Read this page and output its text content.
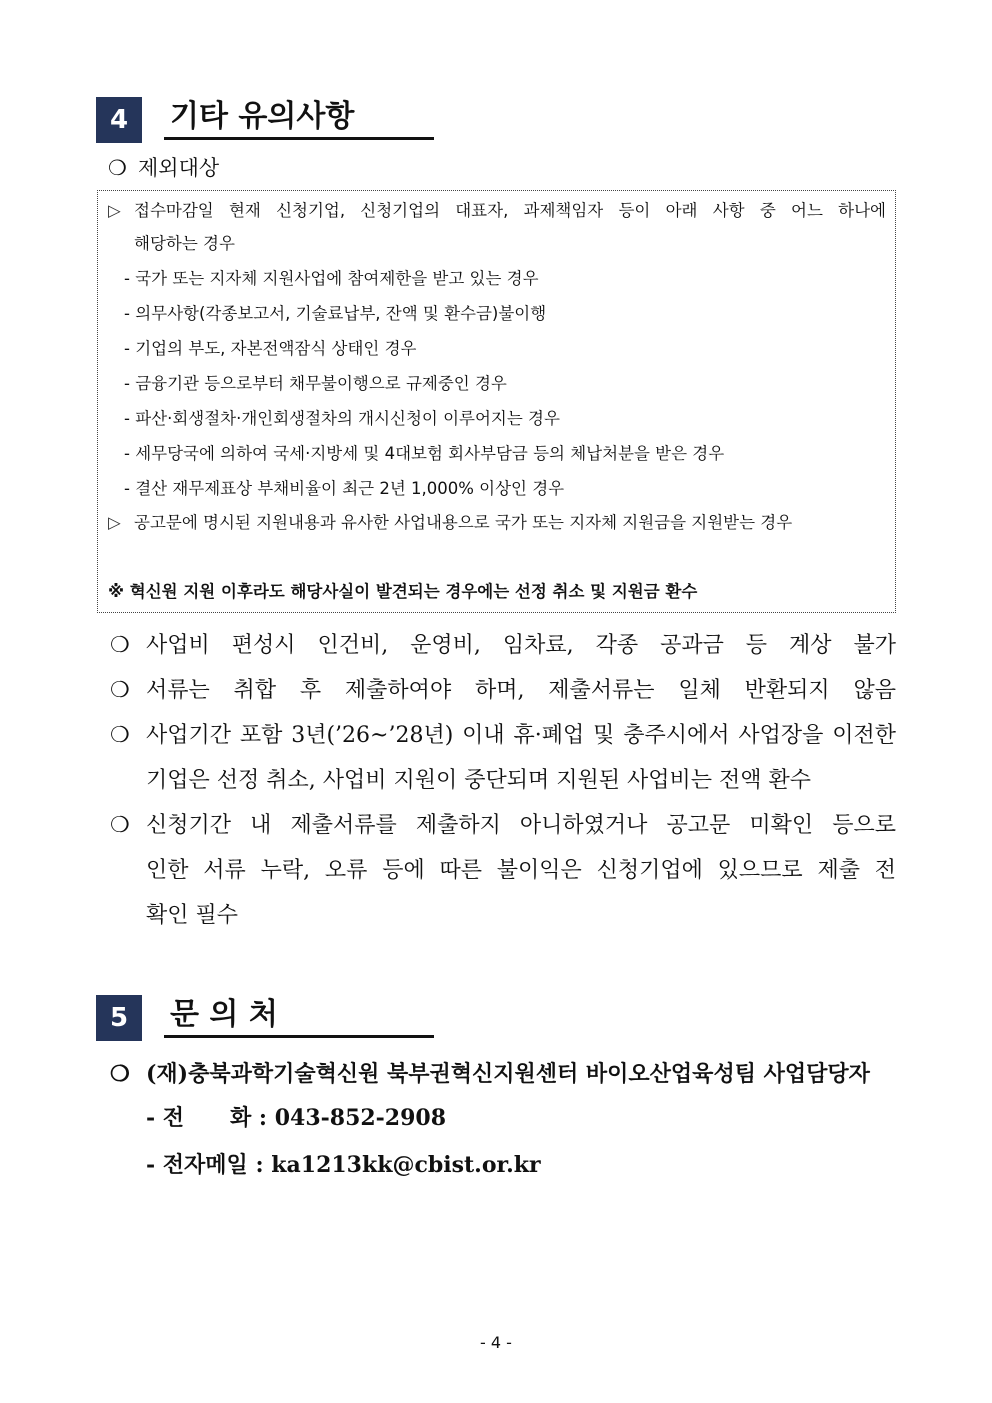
4	기타 유의사항
❍ 제외대상
▷ 접수마감일 현재 신청기업, 신청기업의 대표자, 과제책임자 등이 아래 사항 중 어느 하나에
해당하는 경우
- 국가 또는 지자체 지원사업에 참여제한을 받고 있는 경우
- 의무사항(각종보고서, 기술료납부, 잔액 및 환수금)불이행
- 기업의 부도, 자본전액잠식 상태인 경우
- 금융기관 등으로부터 채무불이행으로 규제중인 경우
- 파산·회생절차·개인회생절차의 개시신청이 이루어지는 경우
- 세무당국에 의하여 국세·지방세 및 4대보험 회사부담금 등의 체납처분을 받은 경우
- 결산 재무제표상 부채비율이 최근 2년 1,000% 이상인 경우
▷ 공고문에 명시된 지원내용과 유사한 사업내용으로 국가 또는 지자체 지원금을 지원받는 경우
※ 혁신원 지원 이후라도 해당사실이 발견되는 경우에는 선정 취소 및 지원금 환수
❍ 사업비 편성시 인건비, 운영비, 임차료, 각종 공과금 등 계상 불가
❍ 서류는 취합 후 제출하여야 하며, 제출서류는 일체 반환되지 않음
❍ 사업기간 포함 3년(’26~’28년) 이내 휴·폐업 및 충주시에서 사업장을 이전한
기업은 선정 취소, 사업비 지원이 중단되며 지원된 사업비는 전액 환수
❍ 신청기간 내 제출서류를 제출하지 아니하였거나 공고문 미확인 등으로
인한 서류 누락, 오류 등에 따른 불이익은 신청기업에 있으므로 제출 전
확인 필수
5	문 의 처
❍ (재)충북과학기술혁신원 북부권혁신지원센터 바이오산업육성팀 사업담당자
- 전      화 : 043-852-2908
- 전자메일 : ka1213kk@cbist.or.kr
- 4 -
